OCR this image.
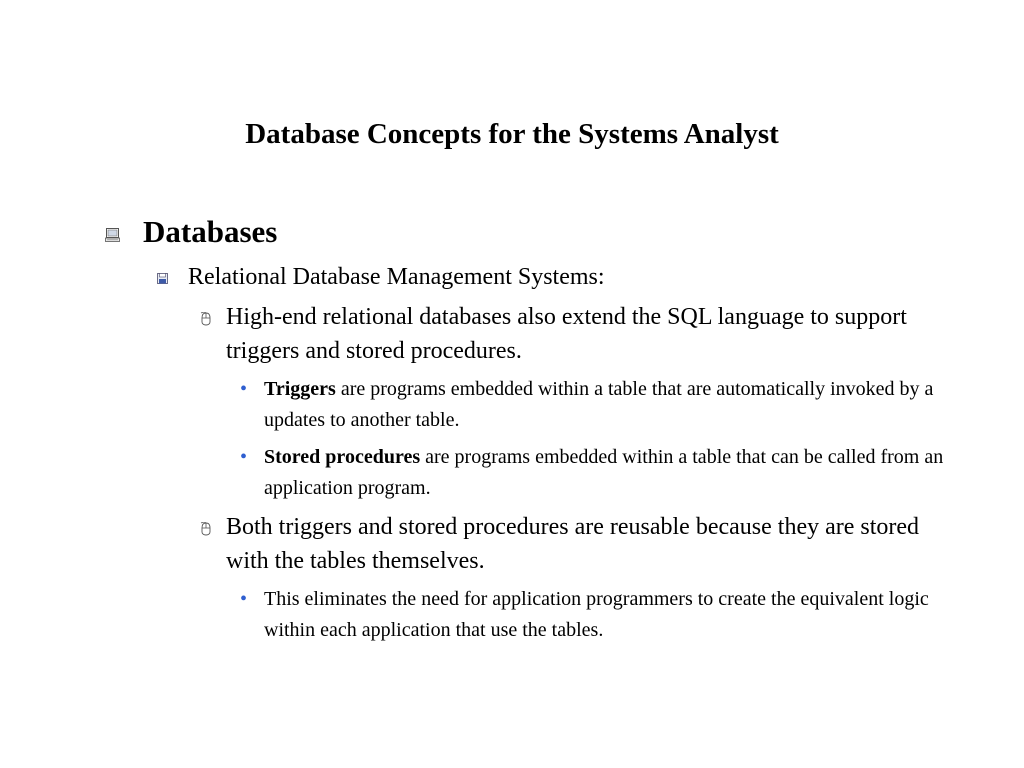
Database Concepts for the Systems Analyst
Databases
Relational Database Management Systems:
High-end relational databases also extend the SQL language to support triggers and stored procedures.
• Triggers are programs embedded within a table that are automatically invoked by a updates to another table.
• Stored procedures are programs embedded within a table that can be called from an application program.
Both triggers and stored procedures are reusable because they are stored with the tables themselves.
• This eliminates the need for application programmers to create the equivalent logic within each application that use the tables.
